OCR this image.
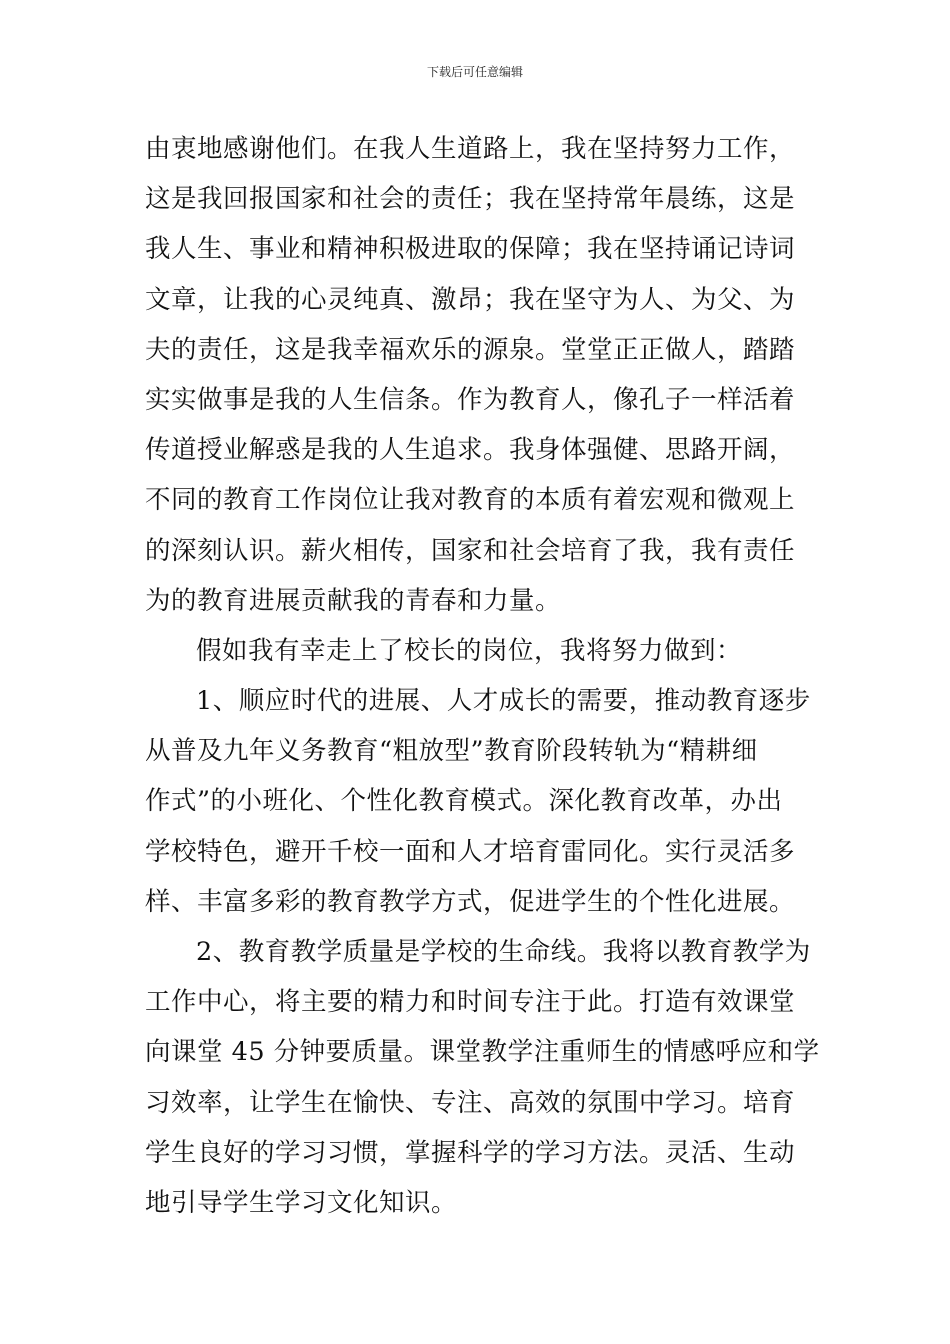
下载后可任意编辑
由衷地感谢他们。在我人生道路上，我在坚持努力工作，
这是我回报国家和社会的责任；我在坚持常年晨练，这是
我人生、事业和精神积极进取的保障；我在坚持诵记诗词
文章，让我的心灵纯真、激昂；我在坚守为人、为父、为
夫的责任，这是我幸福欢乐的源泉。堂堂正正做人，踏踏
实实做事是我的人生信条。作为教育人，像孔子一样活着
传道授业解惑是我的人生追求。我身体强健、思路开阔，
不同的教育工作岗位让我对教育的本质有着宏观和微观上
的深刻认识。薪火相传，国家和社会培育了我，我有责任
为的教育进展贡献我的青春和力量。
假如我有幸走上了校长的岗位，我将努力做到：
1、顺应时代的进展、人才成长的需要，推动教育逐步
从普及九年义务教育“粗放型”教育阶段转轨为“精耕细
作式”的小班化、个性化教育模式。深化教育改革，办出
学校特色，避开千校一面和人才培育雷同化。实行灵活多
样、丰富多彩的教育教学方式，促进学生的个性化进展。
2、教育教学质量是学校的生命线。我将以教育教学为
工作中心，将主要的精力和时间专注于此。打造有效课堂
向课堂 45 分钟要质量。课堂教学注重师生的情感呼应和学
习效率，让学生在愉快、专注、高效的氛围中学习。培育
学生良好的学习习惯，掌握科学的学习方法。灵活、生动
地引导学生学习文化知识。
